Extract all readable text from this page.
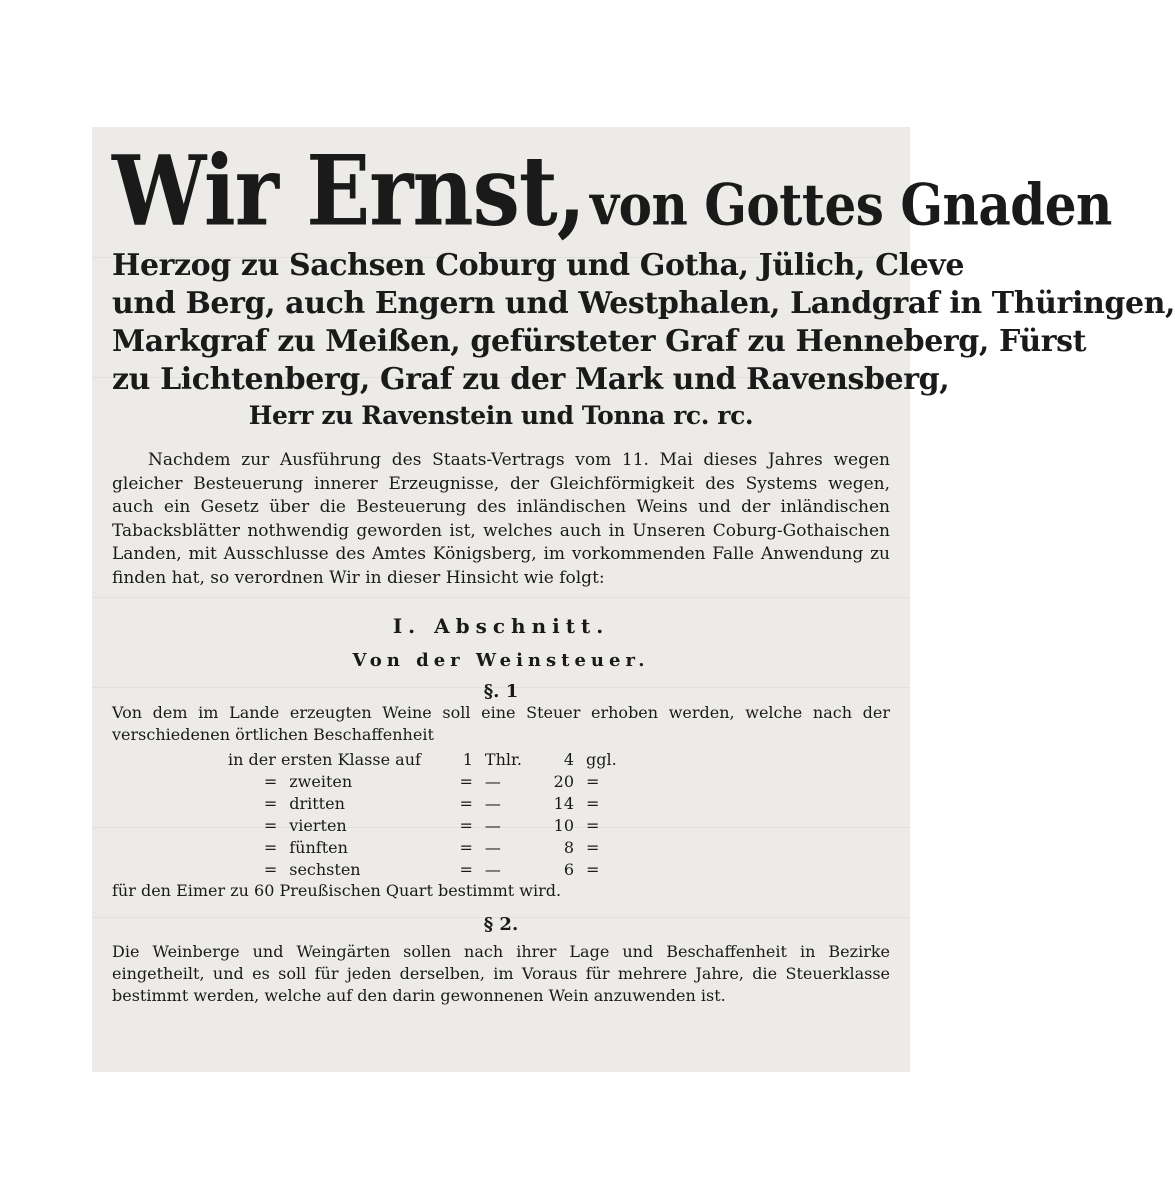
Wir Ernst, von Gottes Gnaden

Herzog zu Sachsen Coburg und Gotha, Jülich, Cleve

und Berg, auch Engern und Westphalen, Landgraf in Thüringen,

Markgraf zu Meißen, gefürsteter Graf zu Henneberg, Fürst

zu Lichtenberg, Graf zu der Mark und Ravensberg,

Herr zu Ravenstein und Tonna rc. rc.

Nachdem zur Ausführung des Staats-Vertrags vom 11. Mai dieses Jahres wegen gleicher Besteuerung innerer Erzeugnisse, der Gleichförmigkeit des Systems wegen, auch ein Gesetz über die Besteuerung des inländischen Weins und der inländischen Tabacksblätter nothwendig geworden ist, welches auch in Unseren Coburg-Gothaischen Landen, mit Ausschlusse des Amtes Königsberg, im vorkommenden Falle Anwendung zu finden hat, so verordnen Wir in dieser Hinsicht wie folgt:

I. Abschnitt.

Von der Weinsteuer.

§. 1

Von dem im Lande erzeugten Weine soll eine Steuer erhoben werden, welche nach der verschiedenen örtlichen Beschaffenheit

in der ersten Klasse auf		1	Thlr.	4	ggl.
=	zweiten	=	—	20	=
=	dritten	=	—	14	=
=	vierten	=	—	10	=
=	fünften	=	—	8	=
=	sechsten	=	—	6	=

für den Eimer zu 60 Preußischen Quart bestimmt wird.

§ 2.

Die Weinberge und Weingärten sollen nach ihrer Lage und Beschaffenheit in Bezirke eingetheilt, und es soll für jeden derselben, im Voraus für mehrere Jahre, die Steuerklasse bestimmt werden, welche auf den darin gewonnenen Wein anzuwenden ist.
